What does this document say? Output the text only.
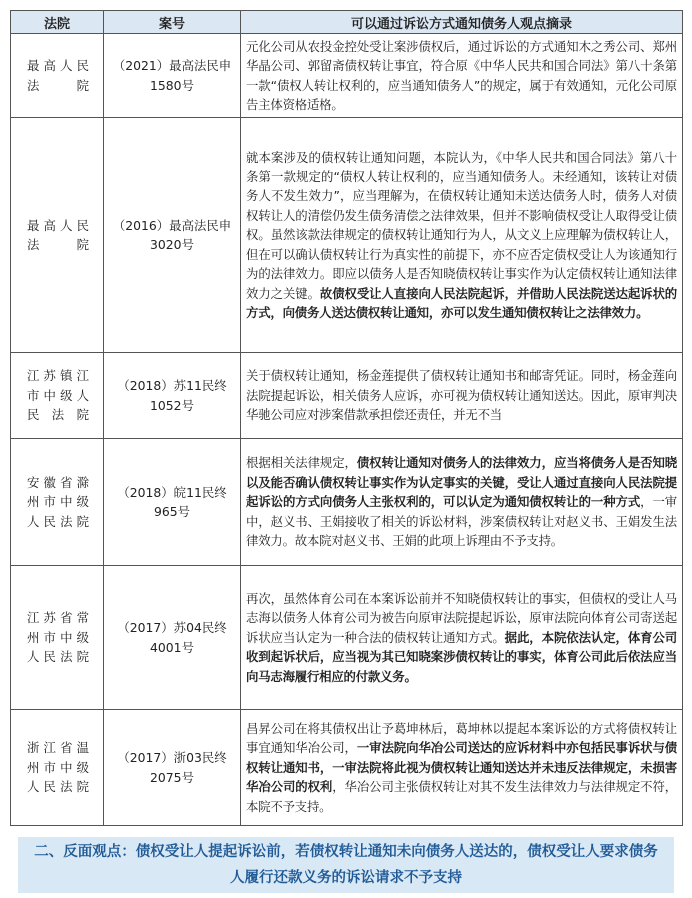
法院	案号	可以通过诉讼方式通知债务人观点摘录
最高人民法院	（2021）最高法民申1580号	元化公司从农投金控处受让案涉债权后，通过诉讼的方式通知木之秀公司、郑州华晶公司、郭留斋债权转让事宜，符合原《中华人民共和国合同法》第八十条第一款“债权人转让权利的，应当通知债务人”的规定，属于有效通知，元化公司原告主体资格适格。
最高人民法院	（2016）最高法民申3020号	就本案涉及的债权转让通知问题，本院认为，《中华人民共和国合同法》第八十条第一款规定的“债权人转让权利的，应当通知债务人。未经通知，该转让对债务人不发生效力”，应当理解为，在债权转让通知未送达债务人时，债务人对债权转让人的清偿仍发生债务清偿之法律效果，但并不影响债权受让人取得受让债权。虽然该款法律规定的债权转让通知行为人，从文义上应理解为债权转让人，但在可以确认债权转让行为真实性的前提下，亦不应否定债权受让人为该通知行为的法律效力。即应以债务人是否知晓债权转让事实作为认定债权转让通知法律效力之关键。故债权受让人直接向人民法院起诉，并借助人民法院送达起诉状的方式，向债务人送达债权转让通知，亦可以发生通知债权转让之法律效力。
江苏镇江市中级人民法院	（2018）苏11民终1052号	关于债权转让通知，杨金莲提供了债权转让通知书和邮寄凭证。同时，杨金莲向法院提起诉讼，相关债务人应诉，亦可视为债权转让通知送达。因此，原审判决华驰公司应对涉案借款承担偿还责任，并无不当
安徽省滁州市中级人民法院	（2018）皖11民终965号	根据相关法律规定，债权转让通知对债务人的法律效力，应当将债务人是否知晓以及能否确认债权转让事实作为认定事实的关键，受让人通过直接向人民法院提起诉讼的方式向债务人主张权利的，可以认定为通知债权转让的一种方式，一审中，赵义书、王娟接收了相关的诉讼材料，涉案债权转让对赵义书、王娟发生法律效力。故本院对赵义书、王娟的此项上诉理由不予支持。
江苏省常州市中级人民法院	（2017）苏04民终4001号	再次，虽然体育公司在本案诉讼前并不知晓债权转让的事实，但债权的受让人马志海以债务人体育公司为被告向原审法院提起诉讼，原审法院向体育公司寄送起诉状应当认定为一种合法的债权转让通知方式。据此，本院依法认定，体育公司收到起诉状后，应当视为其已知晓案涉债权转让的事实，体育公司此后依法应当向马志海履行相应的付款义务。
浙江省温州市中级人民法院	（2017）浙03民终2075号	昌昇公司在将其债权出让予葛坤林后，葛坤林以提起本案诉讼的方式将债权转让事宜通知华冶公司，一审法院向华冶公司送达的应诉材料中亦包括民事诉状与债权转让通知书，一审法院将此视为债权转让通知送达并未违反法律规定，未损害华冶公司的权利，华冶公司主张债权转让对其不发生法律效力与法律规定不符，本院不予支持。
二、反面观点：债权受让人提起诉讼前，若债权转让通知未向债务人送达的，债权受让人要求债务人履行还款义务的诉讼请求不予支持
